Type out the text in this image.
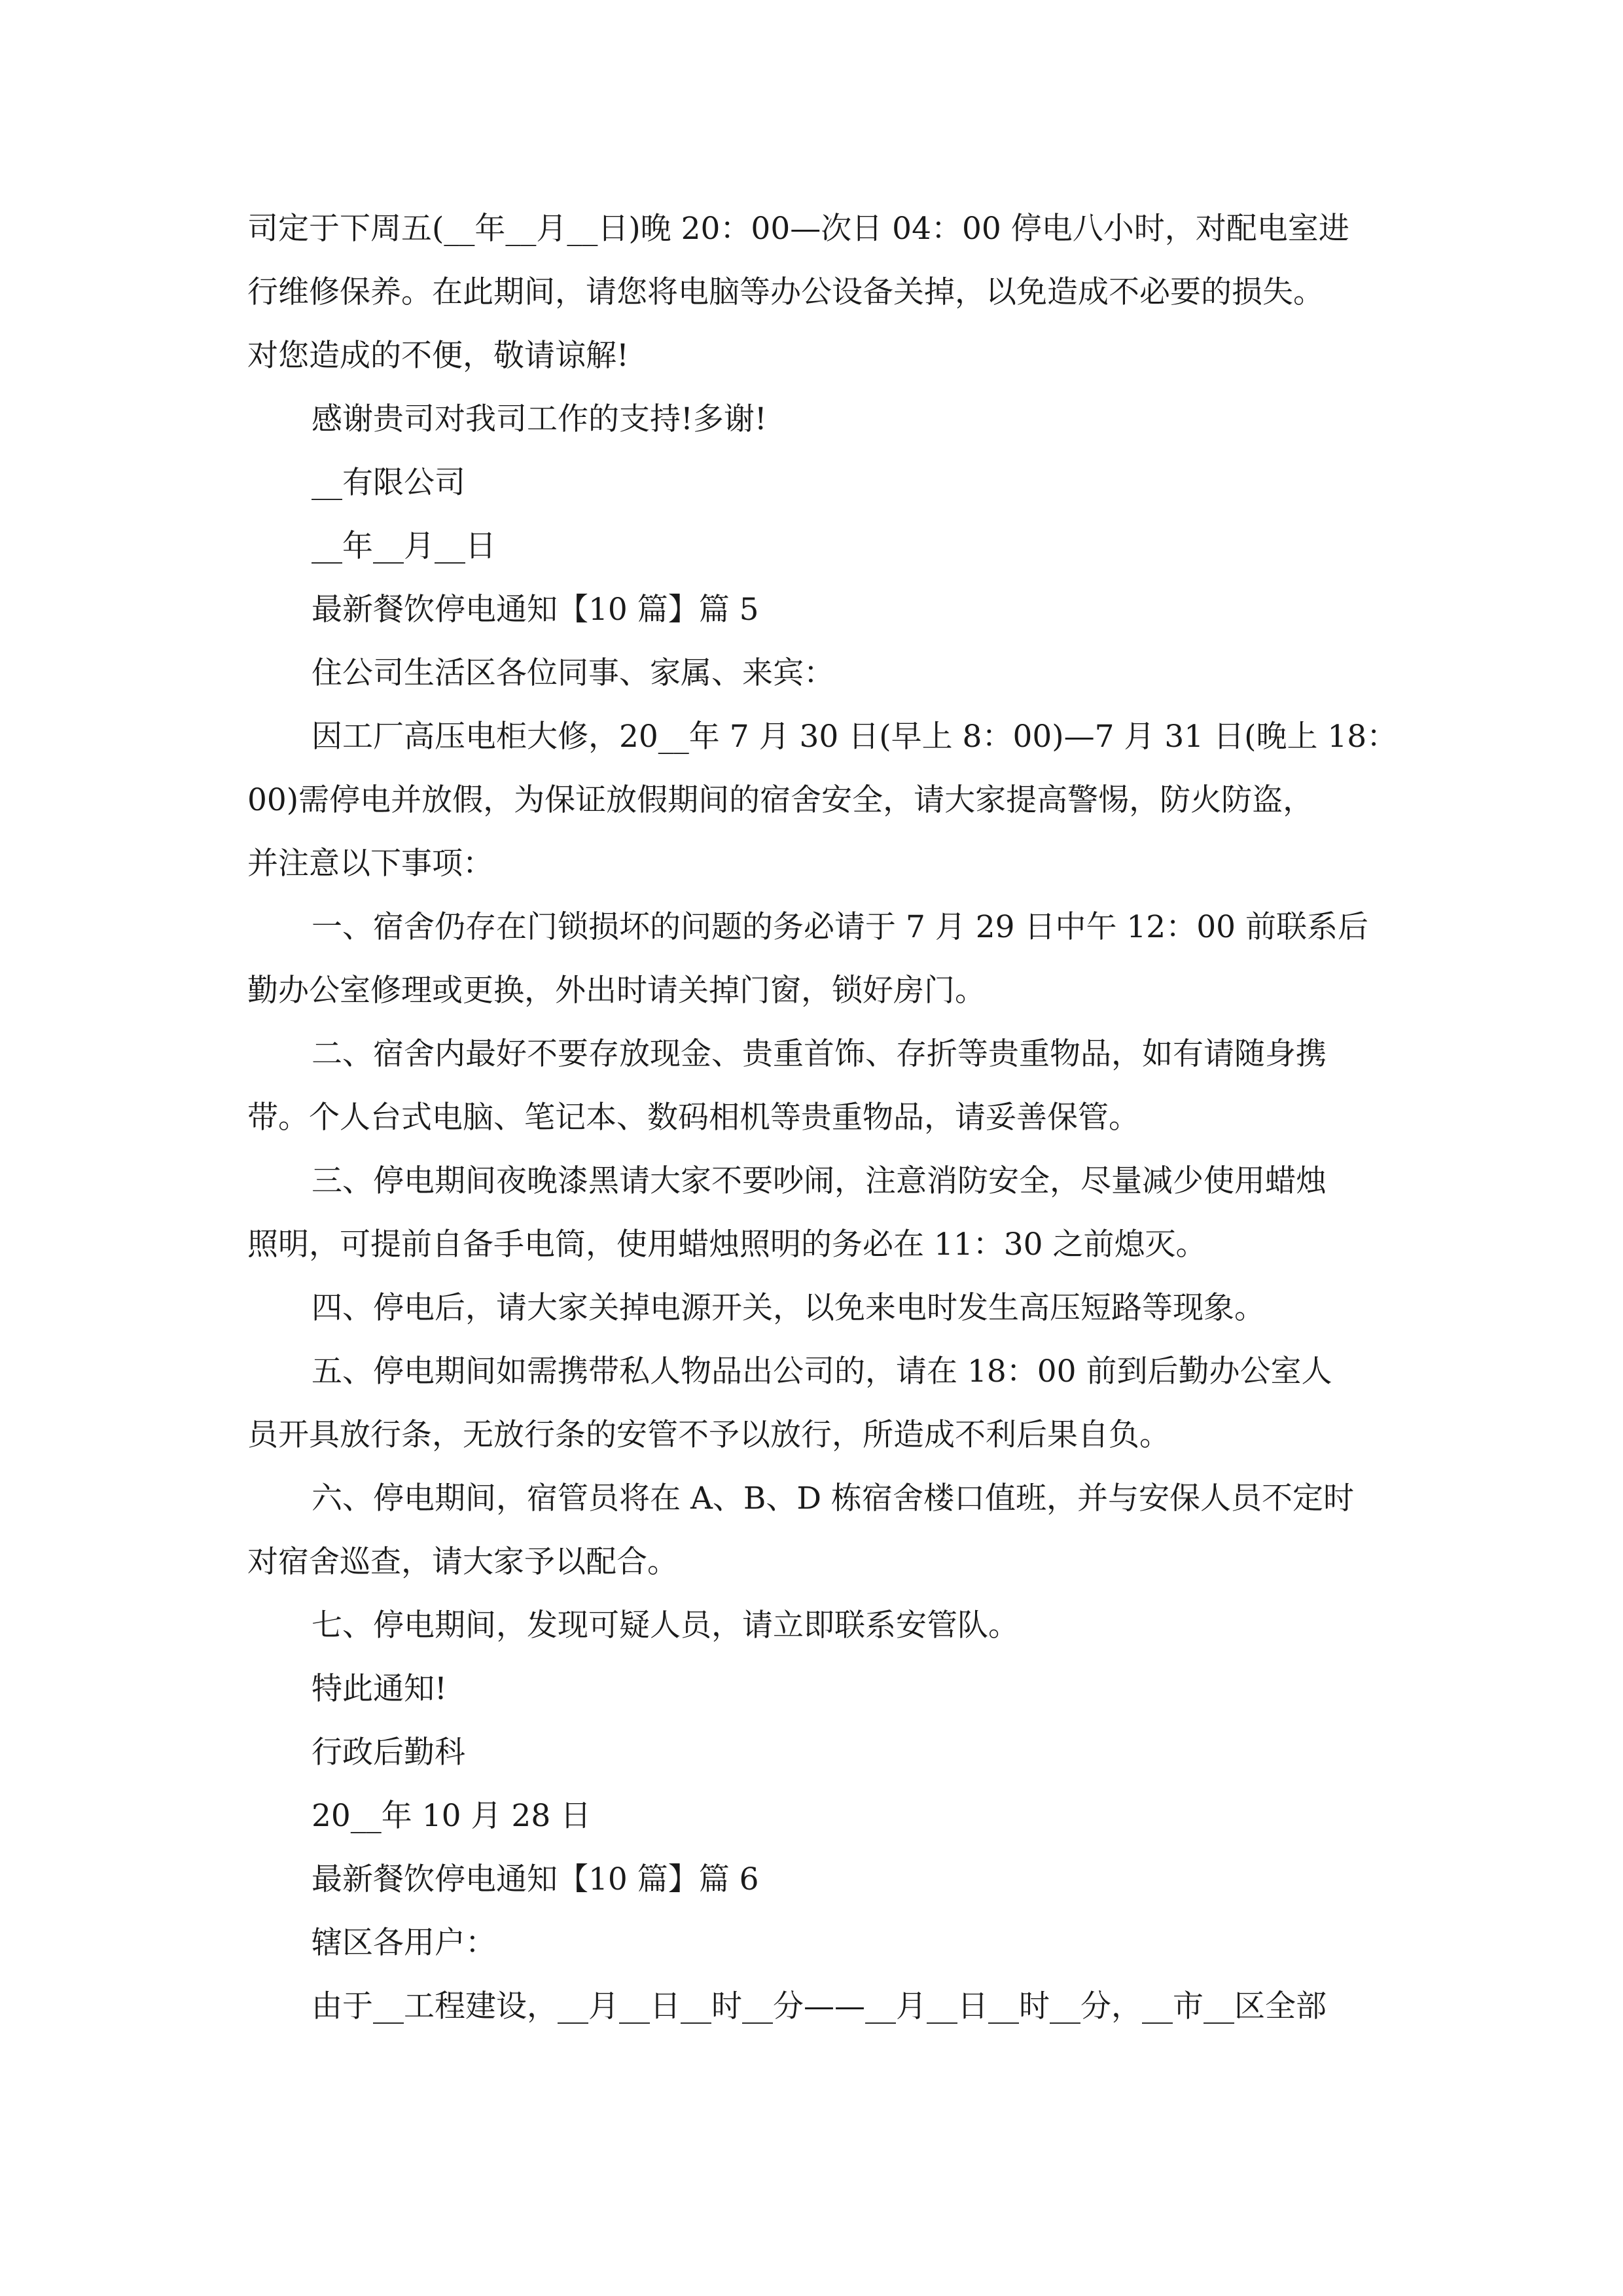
司定于下周五(__年__月__日)晚 20：00—次日 04：00 停电八小时，对配电室进
行维修保养。在此期间，请您将电脑等办公设备关掉，以免造成不必要的损失。
对您造成的不便，敬请谅解!
感谢贵司对我司工作的支持!多谢!
__有限公司
__年__月__日
最新餐饮停电通知【10 篇】篇 5
住公司生活区各位同事、家属、来宾：
因工厂高压电柜大修，20__年 7 月 30 日(早上 8：00)—7 月 31 日(晚上 18：
00)需停电并放假，为保证放假期间的宿舍安全，请大家提高警惕，防火防盗，
并注意以下事项：
一、宿舍仍存在门锁损坏的问题的务必请于 7 月 29 日中午 12：00 前联系后
勤办公室修理或更换，外出时请关掉门窗，锁好房门。
二、宿舍内最好不要存放现金、贵重首饰、存折等贵重物品，如有请随身携
带。个人台式电脑、笔记本、数码相机等贵重物品，请妥善保管。
三、停电期间夜晚漆黑请大家不要吵闹，注意消防安全，尽量减少使用蜡烛
照明，可提前自备手电筒，使用蜡烛照明的务必在 11：30 之前熄灭。
四、停电后，请大家关掉电源开关，以免来电时发生高压短路等现象。
五、停电期间如需携带私人物品出公司的，请在 18：00 前到后勤办公室人
员开具放行条，无放行条的安管不予以放行，所造成不利后果自负。
六、停电期间，宿管员将在 A、B、D 栋宿舍楼口值班，并与安保人员不定时
对宿舍巡查，请大家予以配合。
七、停电期间，发现可疑人员，请立即联系安管队。
特此通知!
行政后勤科
20__年 10 月 28 日
最新餐饮停电通知【10 篇】篇 6
辖区各用户：
由于__工程建设，__月__日__时__分——__月__日__时__分，__市__区全部
